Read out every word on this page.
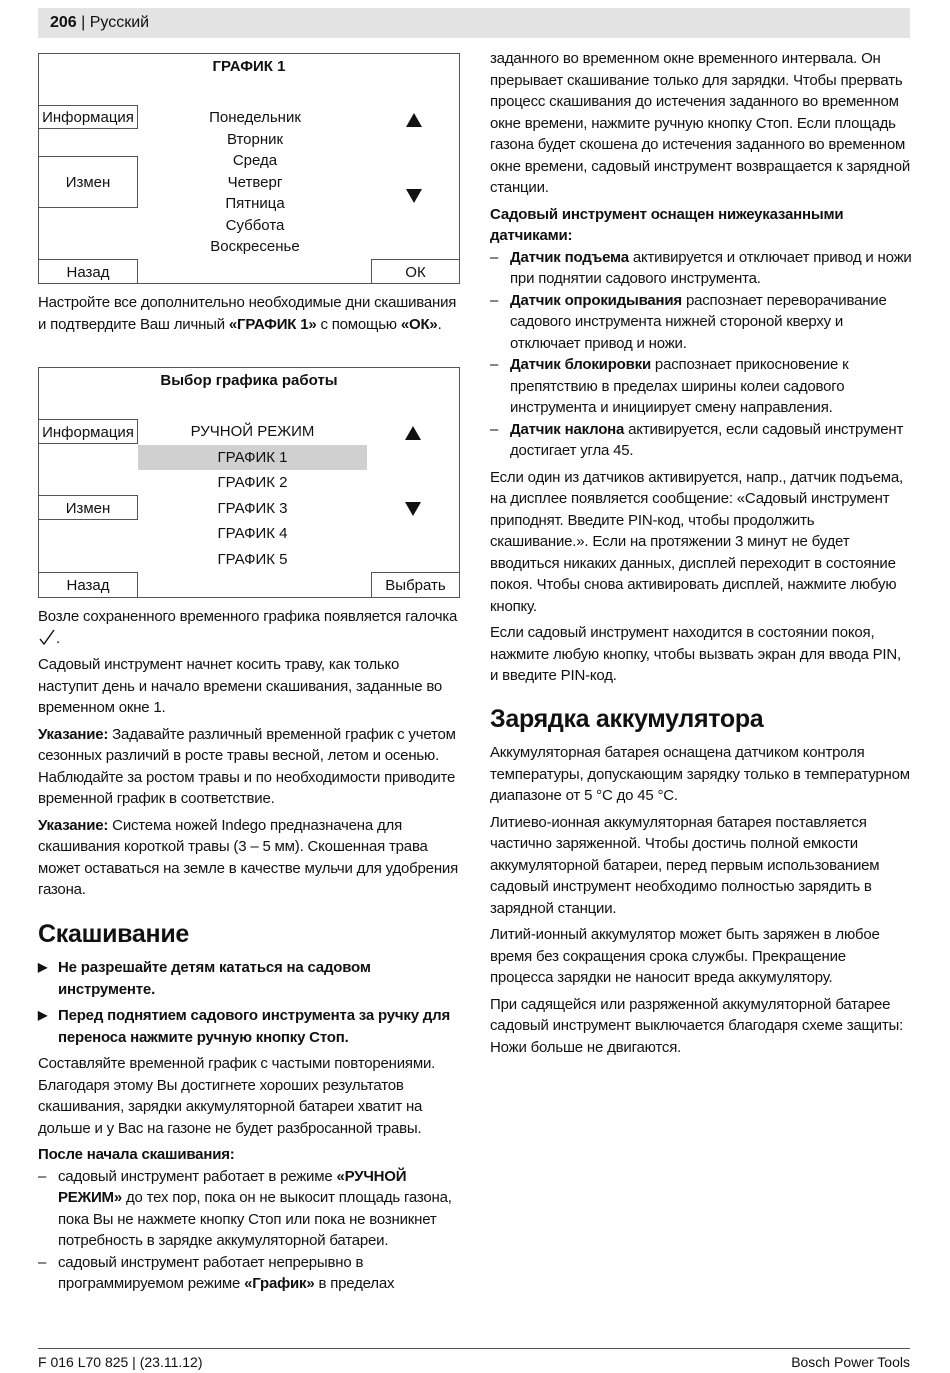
206 | Русский
ГРАФИК 1
Информация
Измен
Назад	ОК
Понедельник
Вторник
Среда
Четверг
Пятница
Суббота
Воскресенье

Настройте все дополнительно необходимые дни скашивания и подтвердите Ваш личный «ГРАФИК 1» с помощью «ОК».

Выбор графика работы
Информация
Измен
Назад	Выбрать
РУЧНОЙ РЕЖИМ
ГРАФИК 1
ГРАФИК 2
ГРАФИК 3
ГРАФИК 4
ГРАФИК 5

Возле сохраненного временного графика появляется галочка .

Садовый инструмент начнет косить траву, как только наступит день и начало времени скашивания, заданные во временном окне 1.

Указание: Задавайте различный временной график с учетом сезонных различий в росте травы весной, летом и осенью. Наблюдайте за ростом травы и по необходимости приводите временной график в соответствие.

Указание: Система ножей Indego предназначена для скашивания короткой травы (3 – 5 мм). Скошенная трава может оставаться на земле в качестве мульчи для удобрения газона.

Скашивание
▶ Не разрешайте детям кататься на садовом инструменте.
▶ Перед поднятием садового инструмента за ручку для переноса нажмите ручную кнопку Стоп.

Составляйте временной график с частыми повторениями. Благодаря этому Вы достигнете хороших результатов скашивания, зарядки аккумуляторной батареи хватит на дольше и у Вас на газоне не будет разбросанной травы.

После начала скашивания:

– садовый инструмент работает в режиме «РУЧНОЙ РЕЖИМ» до тех пор, пока он не выкосит площадь газона, пока Вы не нажмете кнопку Стоп или пока не возникнет потребность в зарядке аккумуляторной батареи.
– садовый инструмент работает непрерывно в программируемом режиме «График» в пределах

заданного во временном окне временного интервала. Он прерывает скашивание только для зарядки. Чтобы прервать процесс скашивания до истечения заданного во временном окне времени, нажмите ручную кнопку Стоп. Если площадь газона будет скошена до истечения заданного во временном окне времени, садовый инструмент возвращается к зарядной станции.

Садовый инструмент оснащен нижеуказанными датчиками:

– Датчик подъема активируется и отключает привод и ножи при поднятии садового инструмента.
– Датчик опрокидывания распознает переворачивание садового инструмента нижней стороной кверху и отключает привод и ножи.
– Датчик блокировки распознает прикосновение к препятствию в пределах ширины колеи садового инструмента и инициирует смену направления.
– Датчик наклона активируется, если садовый инструмент достигает угла 45.

Если один из датчиков активируется, напр., датчик подъема, на дисплее появляется сообщение: «Садовый инструмент приподнят. Введите PIN-код, чтобы продолжить скашивание.». Если на протяжении 3 минут не будет вводиться никаких данных, дисплей переходит в состояние покоя. Чтобы снова активировать дисплей, нажмите любую кнопку.

Если садовый инструмент находится в состоянии покоя, нажмите любую кнопку, чтобы вызвать экран для ввода PIN, и введите PIN-код.

Зарядка аккумулятора

Аккумуляторная батарея оснащена датчиком контроля температуры, допускающим зарядку только в температурном диапазоне от 5 °C до 45 °C.

Литиево-ионная аккумуляторная батарея поставляется частично заряженной. Чтобы достичь полной емкости аккумуляторной батареи, перед первым использованием садовый инструмент необходимо полностью зарядить в зарядной станции.

Литий-ионный аккумулятор может быть заряжен в любое время без сокращения срока службы. Прекращение процесса зарядки не наносит вреда аккумулятору.

При садящейся или разряженной аккумуляторной батарее садовый инструмент выключается благодаря схеме защиты: Ножи больше не двигаются.

F 016 L70 825 | (23.11.12)	Bosch Power Tools
